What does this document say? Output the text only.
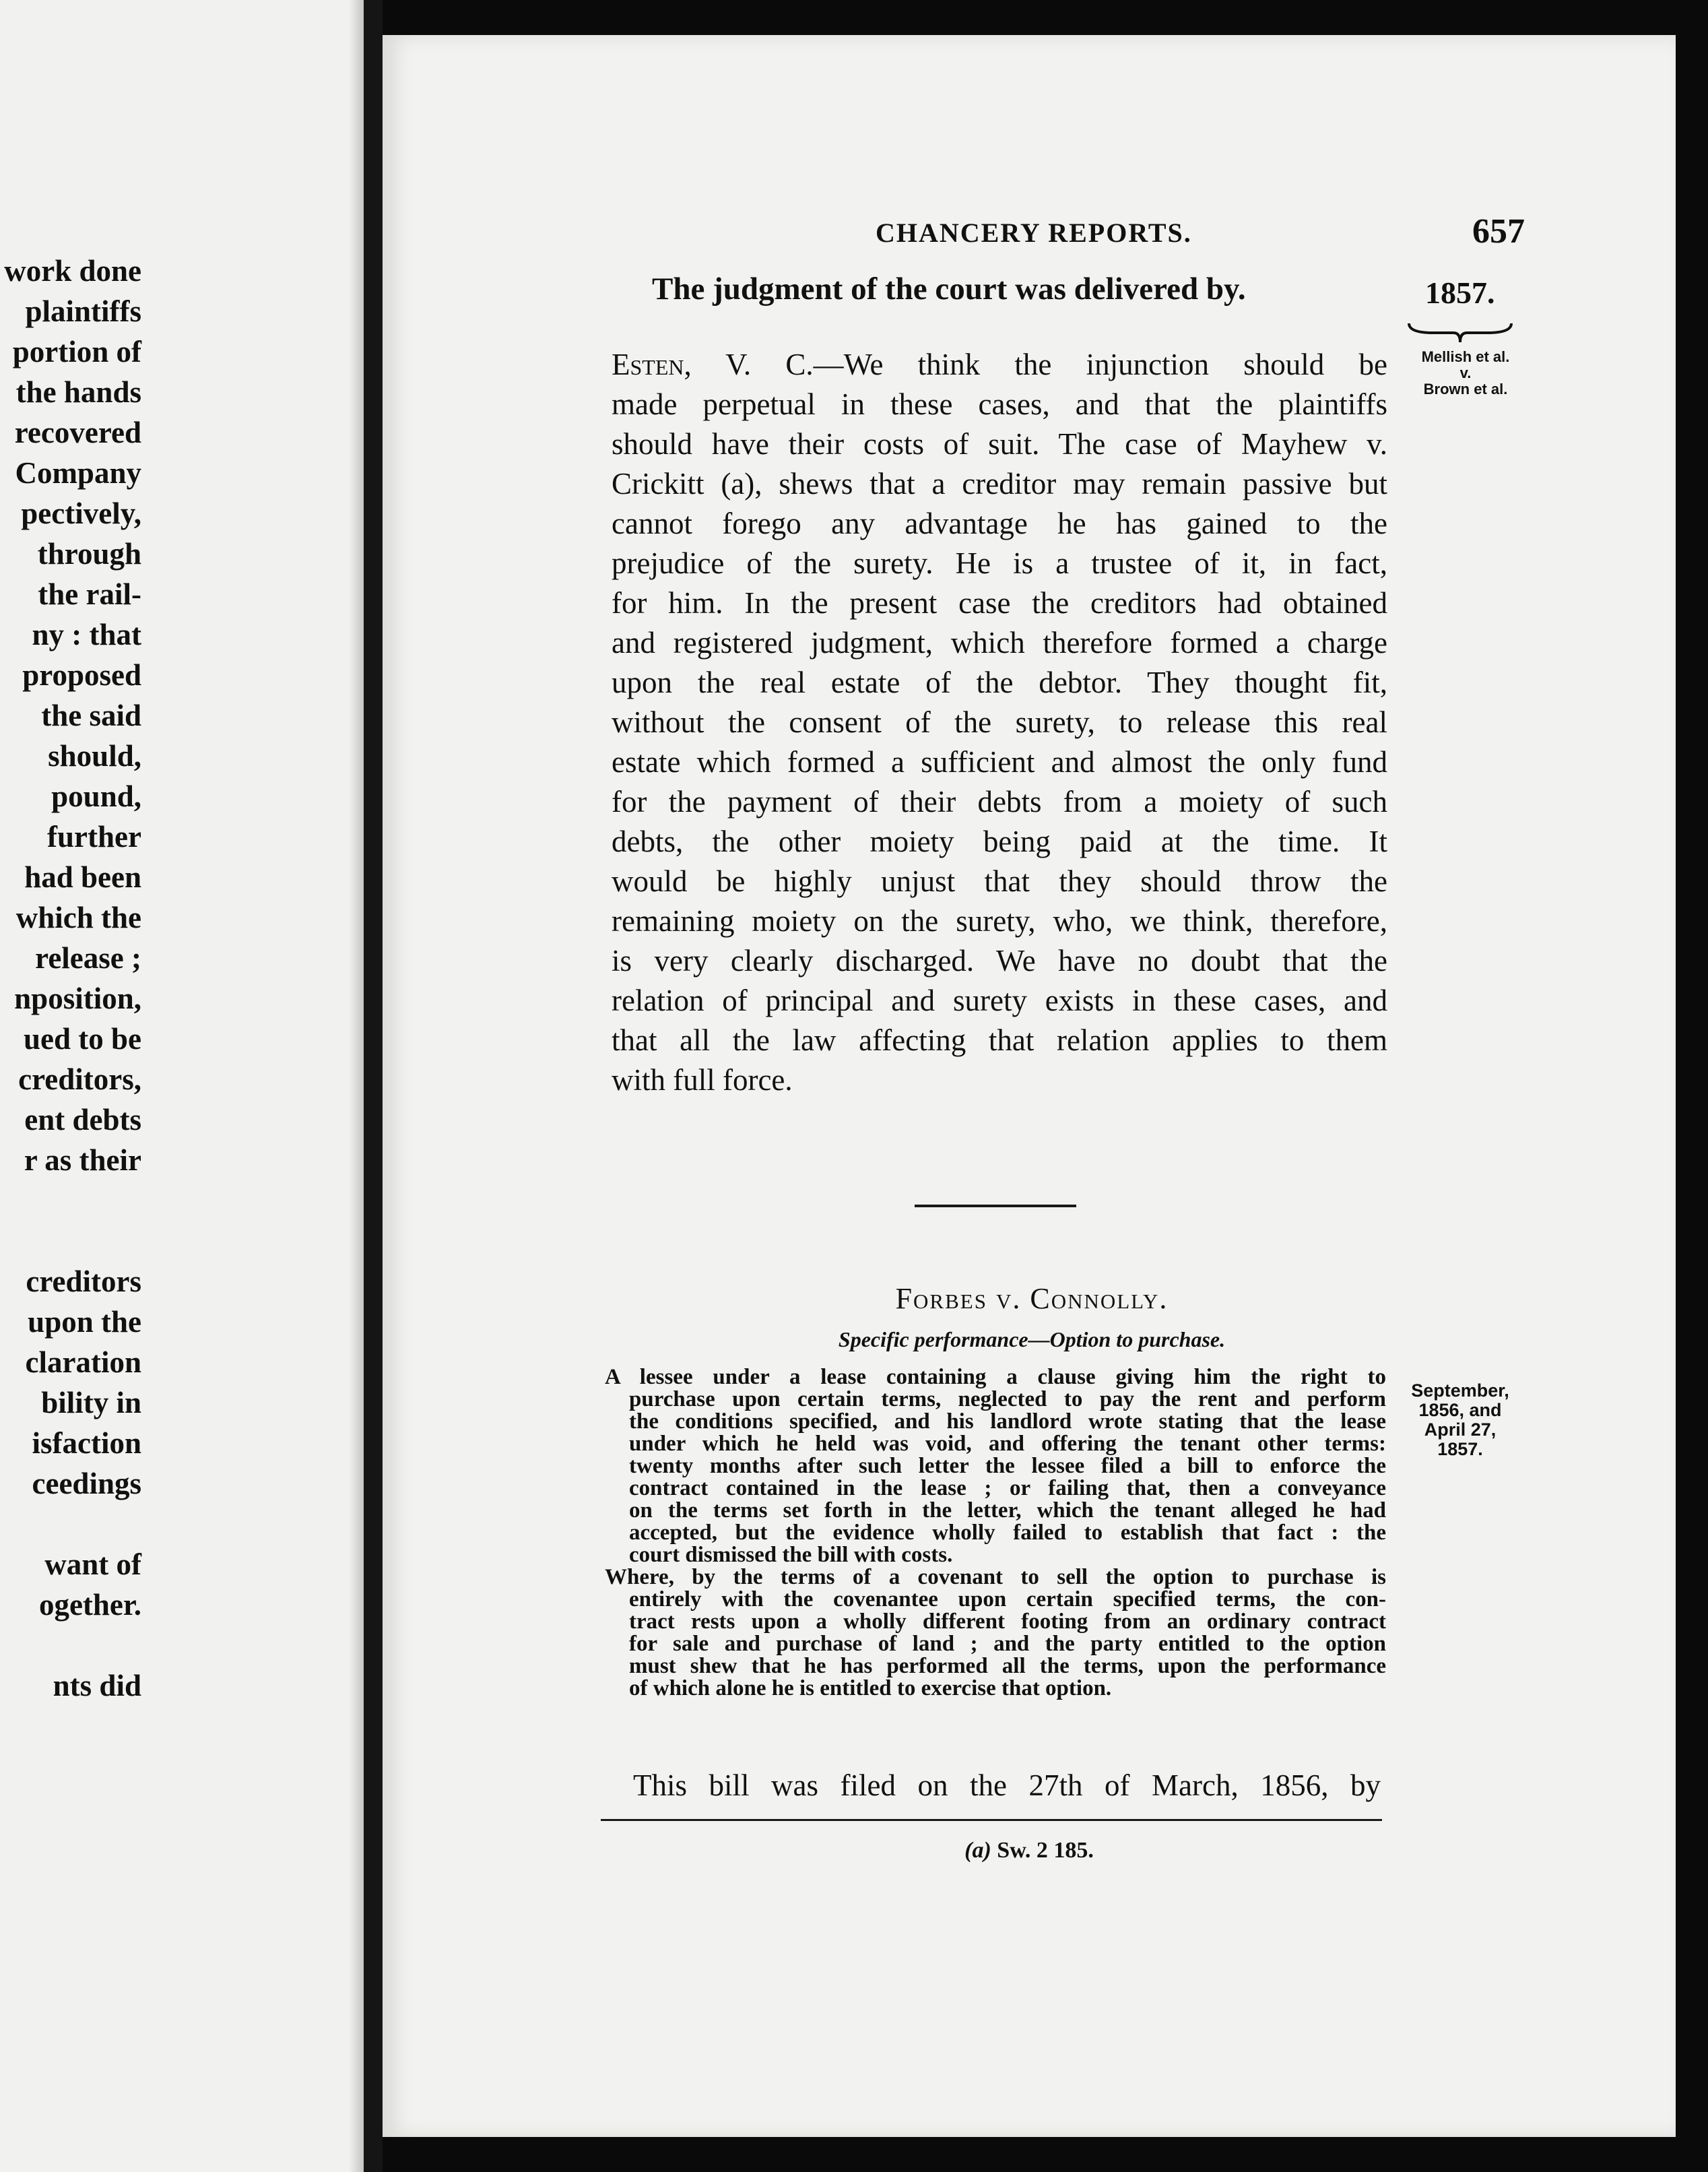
work done
plaintiffs
portion of
the hands
recovered
Company
pectively,
through
the rail-
ny : that
proposed
the said
should,
pound,
further
had been
which the
release ;
nposition,
ued to be
creditors,
ent debts
r as their
creditors
upon the
claration
bility in
isfaction
ceedings
want of
ogether.
nts did
CHANCERY REPORTS.	657
The judgment of the court was delivered by.	1857.
Mellish et al.
v.
Brown et al.
Esten, V. C.—We think the injunction should be
made perpetual in these cases, and that the plaintiffs
should have their costs of suit. The case of Mayhew v.
Crickitt (a), shews that a creditor may remain passive but
cannot forego any advantage he has gained to the
prejudice of the surety. He is a trustee of it, in fact,
for him. In the present case the creditors had obtained
and registered judgment, which therefore formed a charge
upon the real estate of the debtor. They thought fit,
without the consent of the surety, to release this real
estate which formed a sufficient and almost the only fund
for the payment of their debts from a moiety of such
debts, the other moiety being paid at the time. It
would be highly unjust that they should throw the
remaining moiety on the surety, who, we think, therefore,
is very clearly discharged. We have no doubt that the
relation of principal and surety exists in these cases, and
that all the law affecting that relation applies to them
with full force.
Forbes v. Connolly.
Specific performance—Option to purchase.
A lessee under a lease containing a clause giving him the right to
purchase upon certain terms, neglected to pay the rent and perform
the conditions specified, and his landlord wrote stating that the lease
under which he held was void, and offering the tenant other terms:
twenty months after such letter the lessee filed a bill to enforce the
contract contained in the lease ; or failing that, then a conveyance
on the terms set forth in the letter, which the tenant alleged he had
accepted, but the evidence wholly failed to establish that fact : the
court dismissed the bill with costs.
Where, by the terms of a covenant to sell the option to purchase is
entirely with the covenantee upon certain specified terms, the con-
tract rests upon a wholly different footing from an ordinary contract
for sale and purchase of land ; and the party entitled to the option
must shew that he has performed all the terms, upon the performance
of which alone he is entitled to exercise that option.
September,
1856, and
April 27,
1857.
This bill was filed on the 27th of March, 1856, by
(a) Sw. 2 185.
